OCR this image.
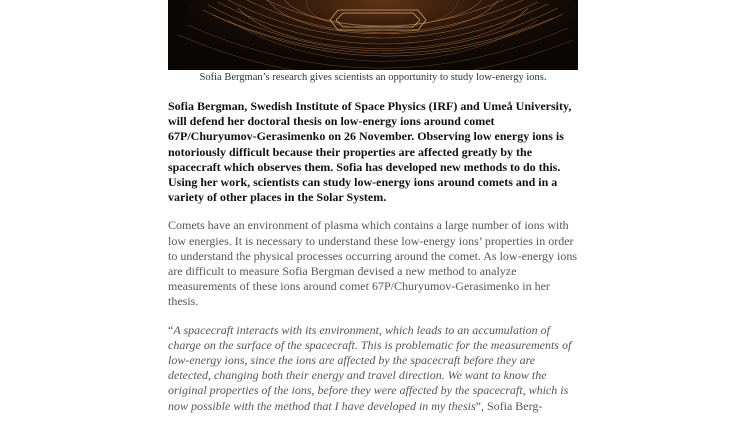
Sofia Bergman’s research gives scientists an opportunity to study low-energy ions.

Sofia Bergman, Swedish Institute of Space Physics (IRF) and Umeå University, will defend her doctoral thesis on low-energy ions around comet 67P/Churyumov-Gerasimenko on 26 November. Observing low energy ions is notoriously difficult because their properties are affected greatly by the spacecraft which observes them. Sofia has developed new methods to do this. Using her work, scientists can study low-energy ions around comets and in a variety of other places in the Solar System.

Comets have an environment of plasma which contains a large number of ions with low energies. It is necessary to understand these low-energy ions’ properties in order to understand the physical processes occurring around the comet. As low-energy ions are difficult to measure Sofia Bergman devised a new method to analyze measurements of these ions around comet 67P/Churyumov-Gerasimenko in her thesis.

“A spacecraft interacts with its environment, which leads to an accumulation of charge on the surface of the spacecraft. This is problematic for the measurements of low-energy ions, since the ions are affected by the spacecraft before they are detected, changing both their energy and travel direction. We want to know the original properties of the ions, before they were affected by the spacecraft, which is now possible with the method that I have developed in my thesis”, Sofia Berg-
